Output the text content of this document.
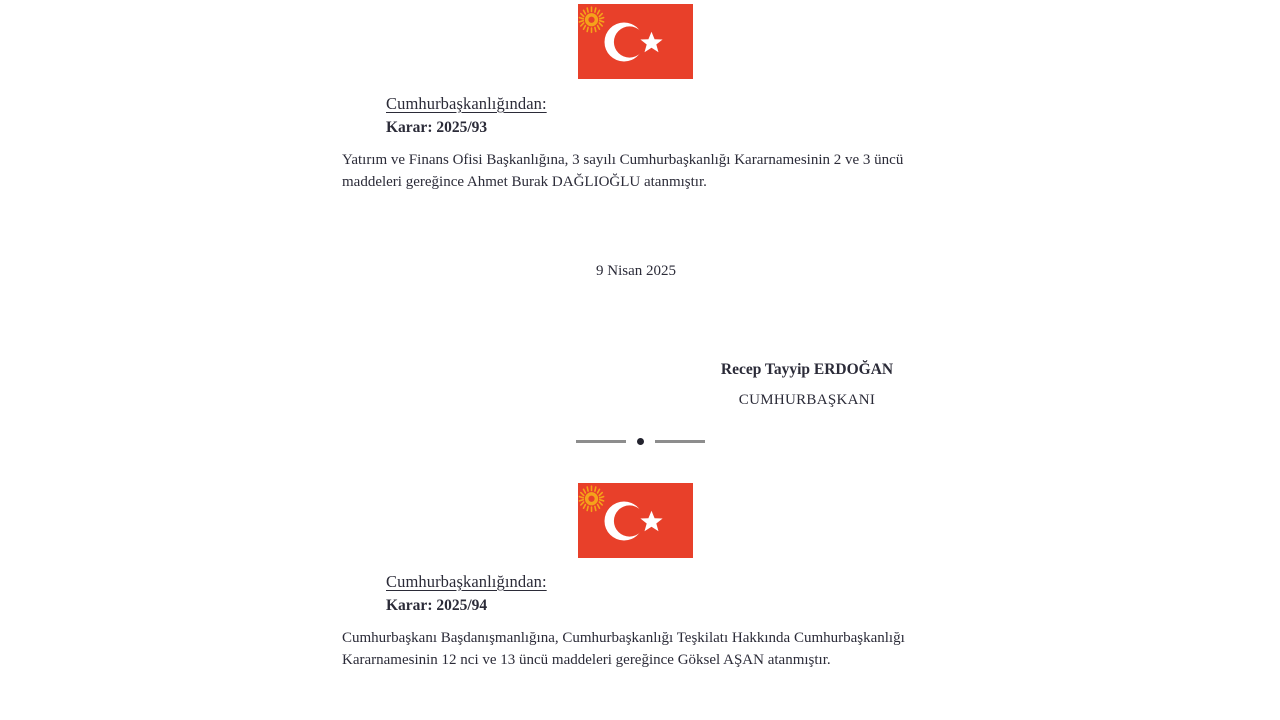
Cumhurbaşkanlığından:
Karar: 2025/93
Yatırım ve Finans Ofisi Başkanlığına, 3 sayılı Cumhurbaşkanlığı Kararnamesinin 2 ve 3 üncü
maddeleri gereğince Ahmet Burak DAĞLIOĞLU atanmıştır.
9 Nisan 2025
Recep Tayyip ERDOĞAN
CUMHURBAŞKANI
Cumhurbaşkanlığından:
Karar: 2025/94
Cumhurbaşkanı Başdanışmanlığına, Cumhurbaşkanlığı Teşkilatı Hakkında Cumhurbaşkanlığı
Kararnamesinin 12 nci ve 13 üncü maddeleri gereğince Göksel AŞAN atanmıştır.
